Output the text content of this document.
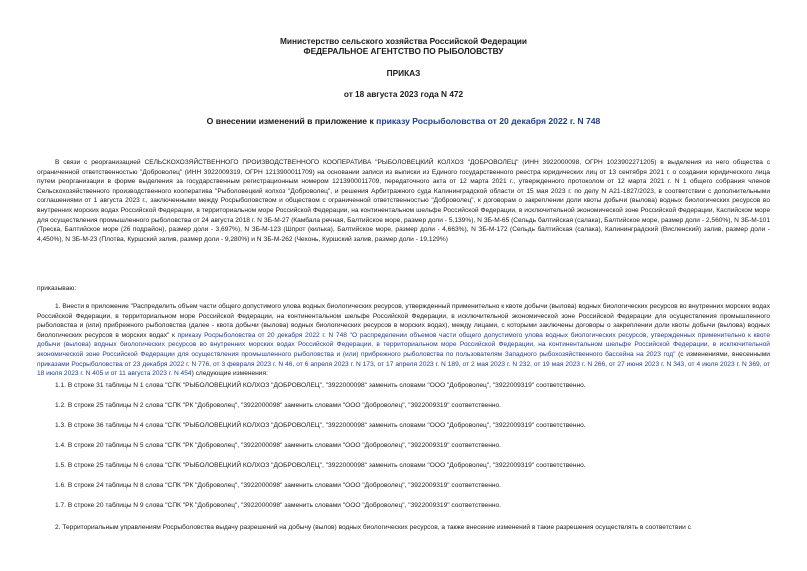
Министерство сельского хозяйства Российской Федерации
ФЕДЕРАЛЬНОЕ АГЕНТСТВО ПО РЫБОЛОВСТВУ
ПРИКАЗ
от 18 августа 2023 года N 472
О внесении изменений в приложение к приказу Росрыболовства от 20 декабря 2022 г. N 748
В связи с реорганизацией СЕЛЬСКОХОЗЯЙСТВЕННОГО ПРОИЗВОДСТВЕННОГО КООПЕРАТИВА "РЫБОЛОВЕЦКИЙ КОЛХОЗ "ДОБРОВОЛЕЦ" (ИНН 3922000098, ОГРН 1023902271205) в выделения из него общества с ограниченной ответственностью "Доброволец" (ИНН 3922009319, ОГРН 1213900011709) на основании записи из выписки из Единого государственного реестра юридических лиц от 13 сентября 2021 г. о создании юридического лица путем реорганизации в форме выделения за государственным регистрационным номером 1213900011709, передаточного акта от 12 марта 2021 г., утвержденного протоколом от 12 марта 2021 г. N 1 общего собрания членов Сельскохозяйственного производственного кооператива "Рыболовецкий колхоз "Доброволец", и решения Арбитражного суда Калининградской области от 15 мая 2023 г. по делу N А21-1827/2023, в соответствии с дополнительными соглашениями от 1 августа 2023 г., заключенными между Росрыболовством и обществом с ограниченной ответственностью "Доброволец", к договорам о закреплении доли квоты добычи (вылова) водных биологических ресурсов во внутренних морских водах Российской Федерации, в территориальном море Российской Федерации, на континентальном шельфе Российской Федерации, в исключительной экономической зоне Российской Федерации, Каспийском море для осуществления промышленного рыболовства от 24 августа 2018 г. N ЗБ-М-27 (Камбала речная, Балтийское море, размер доли - 5,139%), N ЗБ-М-65 (Сельдь балтийская (салака), Балтийское море, размер доли - 2,560%), N ЗБ-М-101 (Треска, Балтийское море (26 подрайон), размер доли - 3,697%), N ЗБ-М-123 (Шпрот (килька), Балтийское море, размер доли - 4,663%), N ЗБ-М-172 (Сельдь балтийская (салака), Калининградский (Висленский) залив, размер доли - 4,450%), N ЗБ-М-23 (Плотва, Куршский залив, размер доли - 9,280%) и N ЗБ-М-262 (Чехонь, Куршский залив, размер доли - 19,129%)
приказываю:
1. Внести в приложение "Распределить объем части общего допустимого улова водных биологических ресурсов, утвержденный применительно к квоте добычи (вылова) водных биологических ресурсов во внутренних морских водах Российской Федерации, в территориальном море Российской Федерации, на континентальном шельфе Российской Федерации, в исключительной экономической зоне Российской Федерации для осуществления промышленного рыболовства и (или) прибрежного рыболовства (далее - квота добычи (вылова) водных биологических ресурсов в морских водах), между лицами, с которыми заключены договоры о закреплении доли квоты добычи (вылова) водных биологических ресурсов в морских водах" к приказу Росрыболовства от 20 декабря 2022 г. N 748 "О распределении объемов части общего допустимого улова водных биологических ресурсов, утвержденных применительно к квоте добычи (вылова) водных биологических ресурсов во внутренних морских водах Российской Федерации, в территориальном море Российской Федерации, на континентальном шельфе Российской Федерации, в исключительной экономической зоне Российской Федерации для осуществления промышленного рыболовства и (или) прибрежного рыболовства по пользователям Западного рыбохозяйственного бассейна на 2023 год" (с изменениями, внесенными приказами Росрыболовства от 23 декабря 2022 г. N 776, от 3 февраля 2023 г. N 46, от 6 апреля 2023 г. N 173, от 17 апреля 2023 г. N 189, от 2 мая 2023 г. N 232, от 19 мая 2023 г. N 266, от 27 июня 2023 г. N 343, от 4 июля 2023 г. N 369, от 18 июля 2023 г. N 405 и от 11 августа 2023 г. N 454) следующие изменения:
1.1. В строке 31 таблицы N 1 слова "СПК "РЫБОЛОВЕЦКИЙ КОЛХОЗ "ДОБРОВОЛЕЦ", "3922000098" заменить словами "ООО "Доброволец", "3922009319" соответственно.
1.2. В строке 25 таблицы N 2 слова "СПК "РК "Доброволец", "3922000098" заменить словами "ООО "Доброволец", "3922009319" соответственно.
1.3. В строке 36 таблицы N 4 слова "СПК "РЫБОЛОВЕЦКИЙ КОЛХОЗ "ДОБРОВОЛЕЦ", "3922000098" заменить словами "ООО "Доброволец", "3922009319" соответственно.
1.4. В строке 20 таблицы N 5 слова "СПК "РК "Доброволец", "3922000098" заменить словами "ООО "Доброволец", "3922009319" соответственно.
1.5. В строке 25 таблицы N 6 слова "СПК "РЫБОЛОВЕЦКИЙ КОЛХОЗ "ДОБРОВОЛЕЦ", "3922000098" заменить словами "ООО "Доброволец", "3922009319" соответственно.
1.6. В строке 24 таблицы N 8 слова "СПК "РК "Доброволец", "3922000098" заменить словами "ООО "Доброволец", "3922009319" соответственно.
1.7. В строке 20 таблицы N 9 слова "СПК "РК "Доброволец", "3922000098" заменить словами "ООО "Доброволец", "3922009319" соответственно.
2. Территориальным управлениям Росрыболовства выдачу разрешений на добычу (вылов) водных биологических ресурсов, а также внесение изменений в такие разрешения осуществлять в соответствии с
